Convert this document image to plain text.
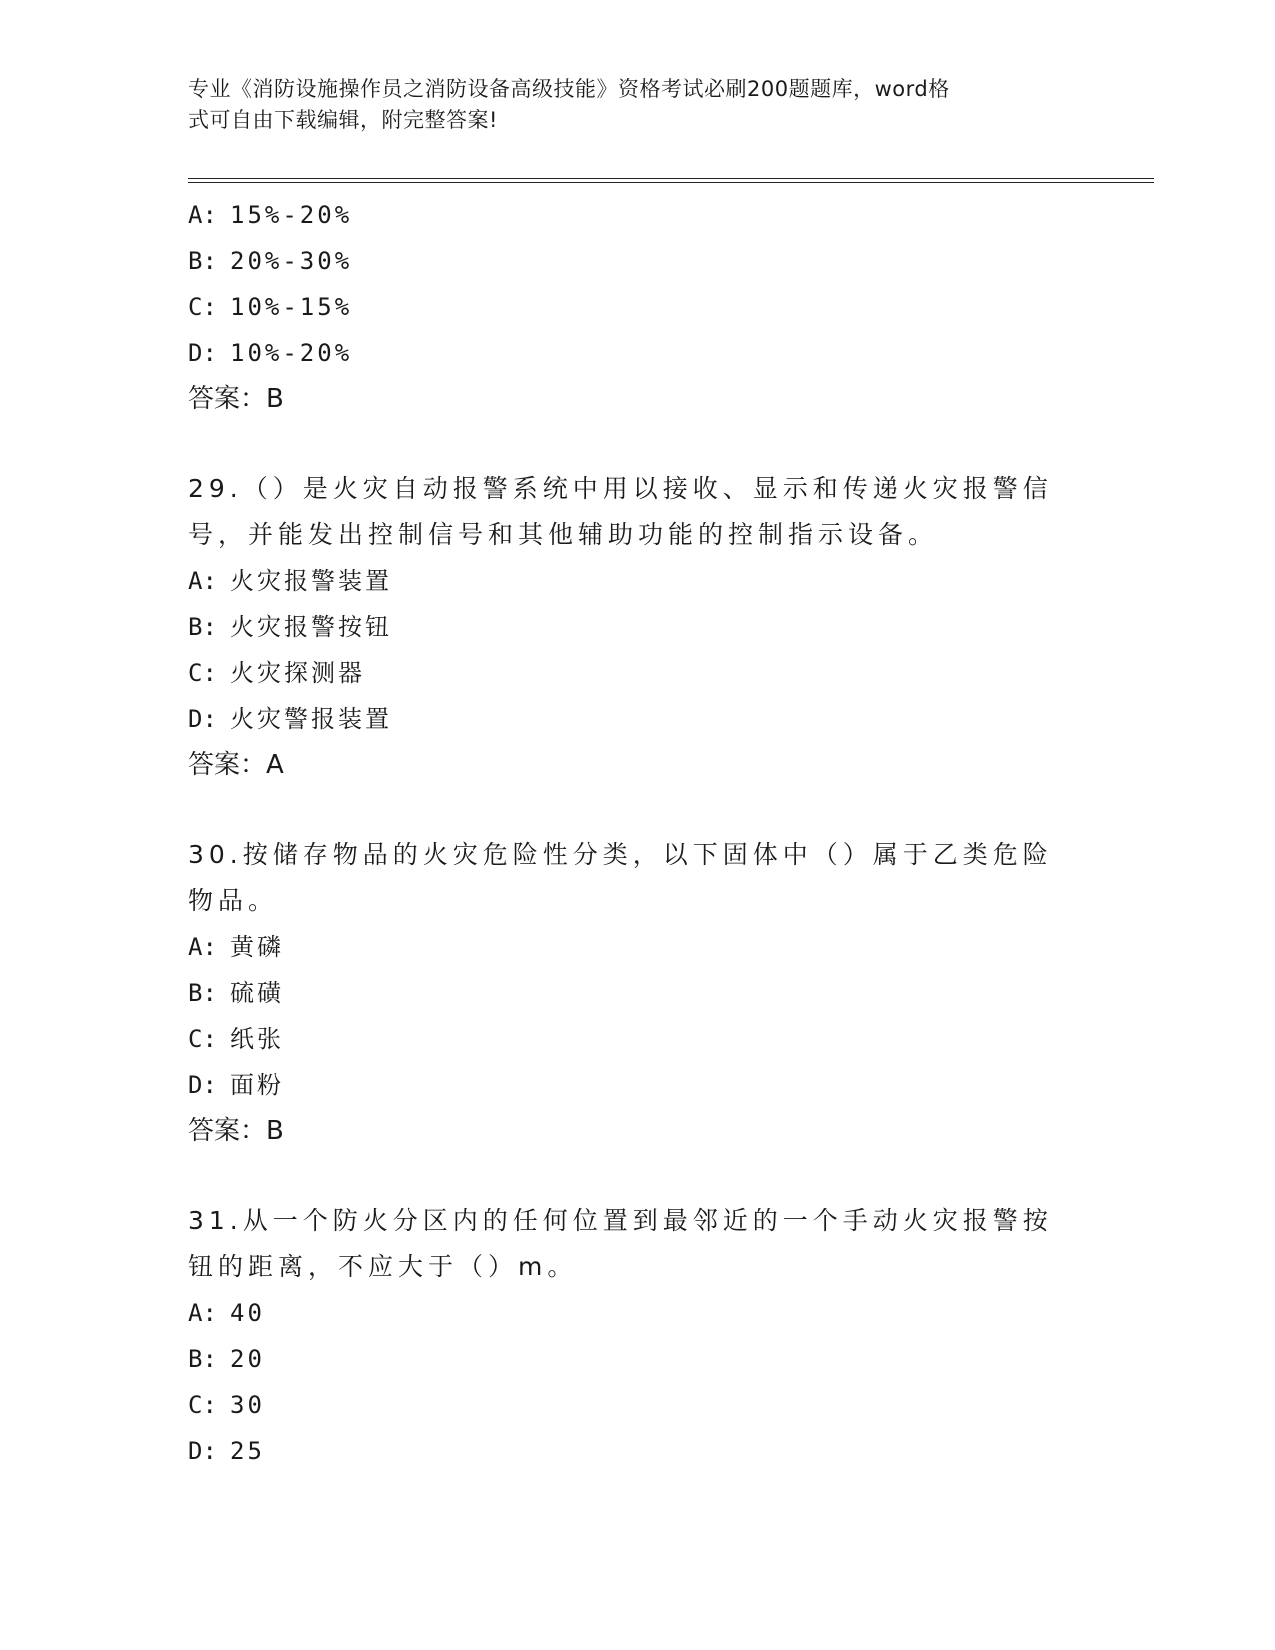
专业《消防设施操作员之消防设备高级技能》资格考试必刷200题题库，word格
式可自由下载编辑，附完整答案!
A: 15%-20%
B: 20%-30%
C: 10%-15%
D: 10%-20%
答案：B
29.（）是火灾自动报警系统中用以接收、显示和传递火灾报警信号，并能发出控制信号和其他辅助功能的控制指示设备。
A: 火灾报警装置
B: 火灾报警按钮
C: 火灾探测器
D: 火灾警报装置
答案：A
30.按储存物品的火灾危险性分类，以下固体中（）属于乙类危险物品。
A: 黄磷
B: 硫磺
C: 纸张
D: 面粉
答案：B
31.从一个防火分区内的任何位置到最邻近的一个手动火灾报警按钮的距离，不应大于（）m。
A: 40
B: 20
C: 30
D: 25
